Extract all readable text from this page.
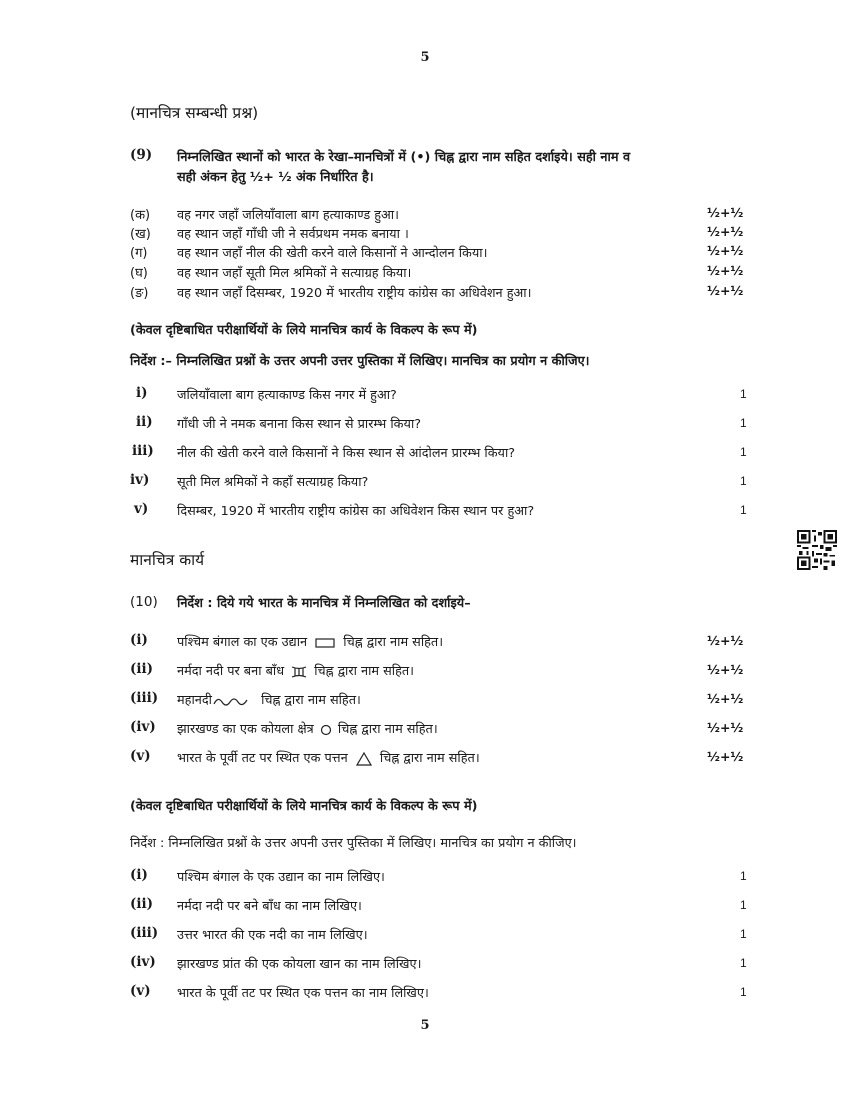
5
(मानचित्र सम्बन्धी प्रश्न)
(9) निम्नलिखित स्थानों को भारत के रेखा–मानचित्रों में (•) चिह्न द्वारा नाम सहित दर्शाइये। सही नाम व
सही अंकन हेतु ½+ ½ अंक निर्धारित है।
(क) वह नगर जहाँ जलियाँवाला बाग हत्याकाण्ड हुआ।	½+½
(ख) वह स्थान जहाँ गाँधी जी ने सर्वप्रथम नमक बनाया ।	½+½
(ग) वह स्थान जहाँ नील की खेती करने वाले किसानों ने आन्दोलन किया।	½+½
(घ) वह स्थान जहाँ सूती मिल श्रमिकों ने सत्याग्रह किया।	½+½
(ङ) वह स्थान जहाँ दिसम्बर, 1920 में भारतीय राष्ट्रीय कांग्रेस का अधिवेशन हुआ।	½+½
(केवल दृष्टिबाधित परीक्षार्थियों के लिये मानचित्र कार्य के विकल्प के रूप में)
निर्देश :– निम्नलिखित प्रश्नों के उत्तर अपनी उत्तर पुस्तिका में लिखिए। मानचित्र का प्रयोग न कीजिए।
i) जलियाँवाला बाग हत्याकाण्ड किस नगर में हुआ?	1
ii) गाँधी जी ने नमक बनाना किस स्थान से प्रारम्भ किया?	1
iii) नील की खेती करने वाले किसानों ने किस स्थान से आंदोलन प्रारम्भ किया?	1
iv) सूती मिल श्रमिकों ने कहाँ सत्याग्रह किया?	1
v) दिसम्बर, 1920 में भारतीय राष्ट्रीय कांग्रेस का अधिवेशन किस स्थान पर हुआ?	1
मानचित्र कार्य
(10) निर्देश : दिये गये भारत के मानचित्र में निम्नलिखित को दर्शाइये–
(i) पश्चिम बंगाल का एक उद्यान	चिह्न द्वारा नाम सहित।	½+½
(ii) नर्मदा नदी पर बना बाँध चिह्न द्वारा नाम सहित।	½+½
(iii) महानदी	चिह्न द्वारा नाम सहित।	½+½
(iv) झारखण्ड का एक कोयला क्षेत्र चिह्न द्वारा नाम सहित।	½+½
(v) भारत के पूर्वी तट पर स्थित एक पत्तन	चिह्न द्वारा नाम सहित।	½+½
(केवल दृष्टिबाधित परीक्षार्थियों के लिये मानचित्र कार्य के विकल्प के रूप में)
निर्देश : निम्नलिखित प्रश्नों के उत्तर अपनी उत्तर पुस्तिका में लिखिए। मानचित्र का प्रयोग न कीजिए।
(i) पश्चिम बंगाल के एक उद्यान का नाम लिखिए।	1
(ii) नर्मदा नदी पर बने बाँध का नाम लिखिए।	1
(iii) उत्तर भारत की एक नदी का नाम लिखिए।	1
(iv) झारखण्ड प्रांत की एक कोयला खान का नाम लिखिए।	1
(v) भारत के पूर्वी तट पर स्थित एक पत्तन का नाम लिखिए।	1
5
